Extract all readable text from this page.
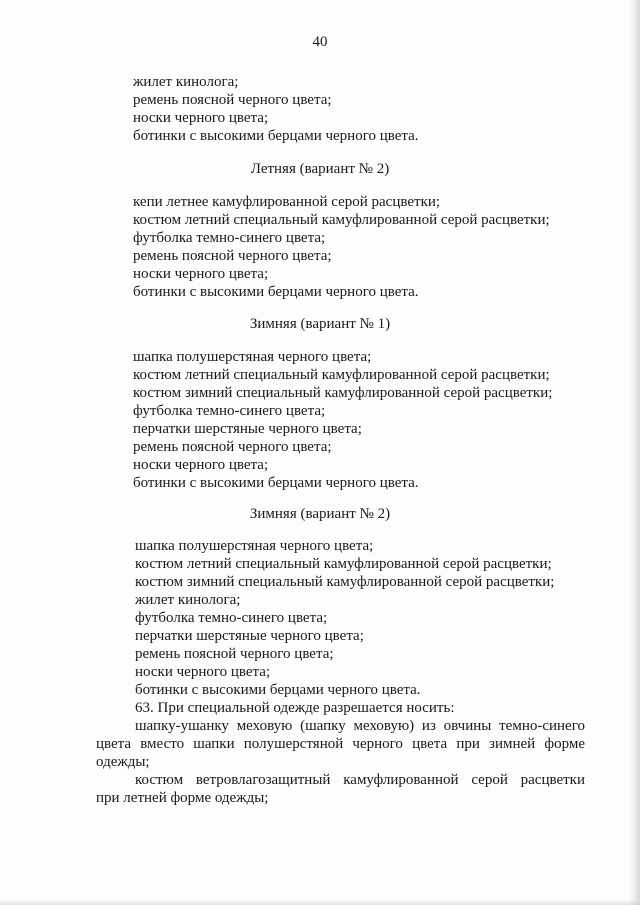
40
жилет кинолога;
ремень поясной черного цвета;
носки черного цвета;
ботинки с высокими берцами черного цвета.
Летняя (вариант № 2)
кепи летнее камуфлированной серой расцветки;
костюм летний специальный камуфлированной серой расцветки;
футболка темно-синего цвета;
ремень поясной черного цвета;
носки черного цвета;
ботинки с высокими берцами черного цвета.
Зимняя (вариант № 1)
шапка полушерстяная черного цвета;
костюм летний специальный камуфлированной серой расцветки;
костюм зимний специальный камуфлированной серой расцветки;
футболка темно-синего цвета;
перчатки шерстяные черного цвета;
ремень поясной черного цвета;
носки черного цвета;
ботинки с высокими берцами черного цвета.
Зимняя (вариант № 2)
шапка полушерстяная черного цвета;
костюм летний специальный камуфлированной серой расцветки;
костюм зимний специальный камуфлированной серой расцветки;
жилет кинолога;
футболка темно-синего цвета;
перчатки шерстяные черного цвета;
ремень поясной черного цвета;
носки черного цвета;
ботинки с высокими берцами черного цвета.
63. При специальной одежде разрешается носить:
шапку-ушанку меховую (шапку меховую) из овчины темно-синего
цвета вместо шапки полушерстяной черного цвета при зимней форме
одежды;
костюм ветровлагозащитный камуфлированной серой расцветки
при летней форме одежды;
